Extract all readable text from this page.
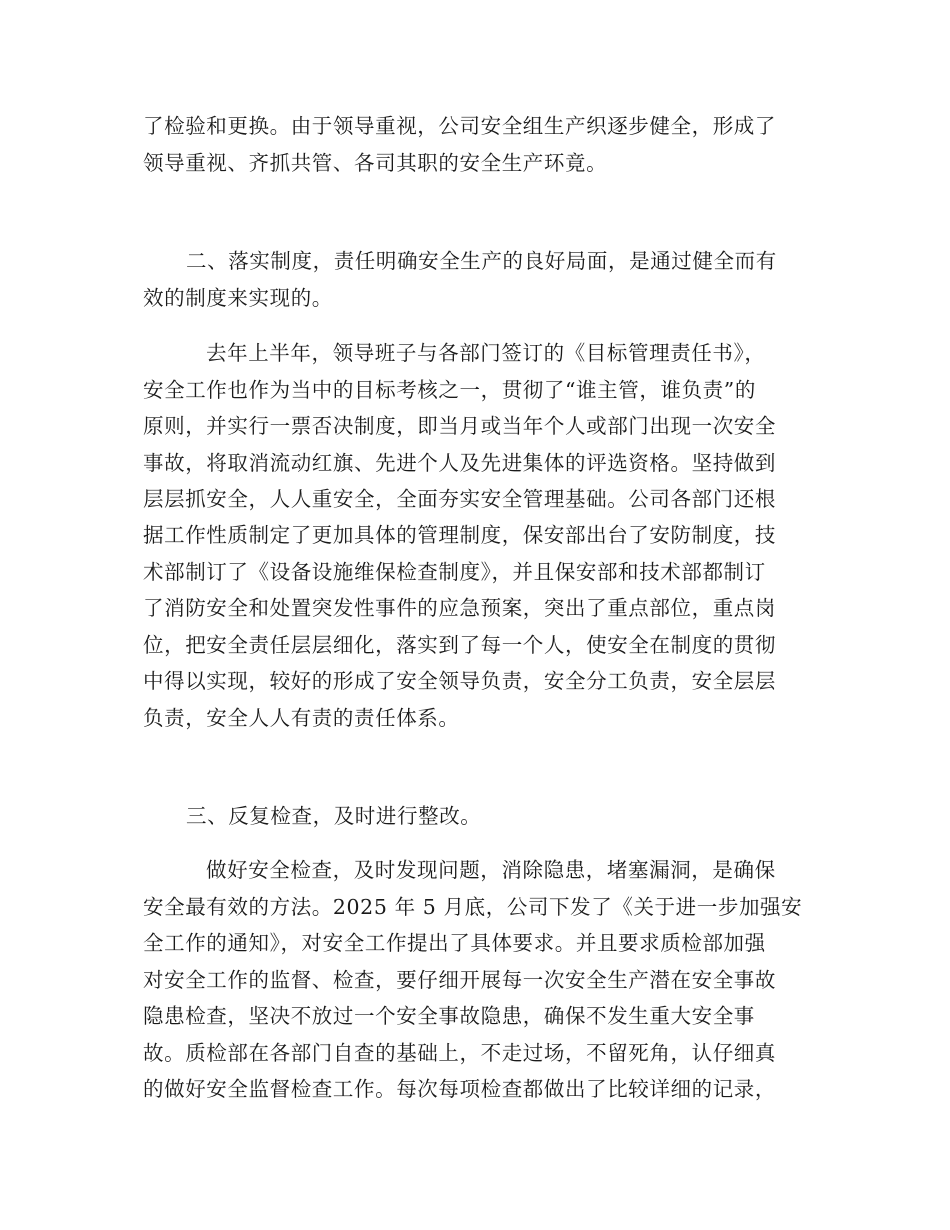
了检验和更换。由于领导重视，公司安全组生产织逐步健全，形成了
领导重视、齐抓共管、各司其职的安全生产环竟。
二、落实制度，责任明确安全生产的良好局面，是通过健全而有
效的制度来实现的。
去年上半年，领导班子与各部门签订的《目标管理责任书》，
安全工作也作为当中的目标考核之一，贯彻了“谁主管，谁负责”的
原则，并实行一票否决制度，即当月或当年个人或部门出现一次安全
事故，将取消流动红旗、先进个人及先进集体的评选资格。坚持做到
层层抓安全，人人重安全，全面夯实安全管理基础。公司各部门还根
据工作性质制定了更加具体的管理制度，保安部出台了安防制度，技
术部制订了《设备设施维保检查制度》，并且保安部和技术部都制订
了消防安全和处置突发性事件的应急预案，突出了重点部位，重点岗
位，把安全责任层层细化，落实到了每一个人，使安全在制度的贯彻
中得以实现，较好的形成了安全领导负责，安全分工负责，安全层层
负责，安全人人有责的责任体系。
三、反复检查，及时进行整改。
做好安全检查，及时发现问题，消除隐患，堵塞漏洞，是确保
安全最有效的方法。2025 年 5 月底，公司下发了《关于进一步加强安
全工作的通知》，对安全工作提出了具体要求。并且要求质检部加强
对安全工作的监督、检查，要仔细开展每一次安全生产潜在安全事故
隐患检查，坚决不放过一个安全事故隐患，确保不发生重大安全事
故。质检部在各部门自查的基础上，不走过场，不留死角，认仔细真
的做好安全监督检查工作。每次每项检查都做出了比较详细的记录，
